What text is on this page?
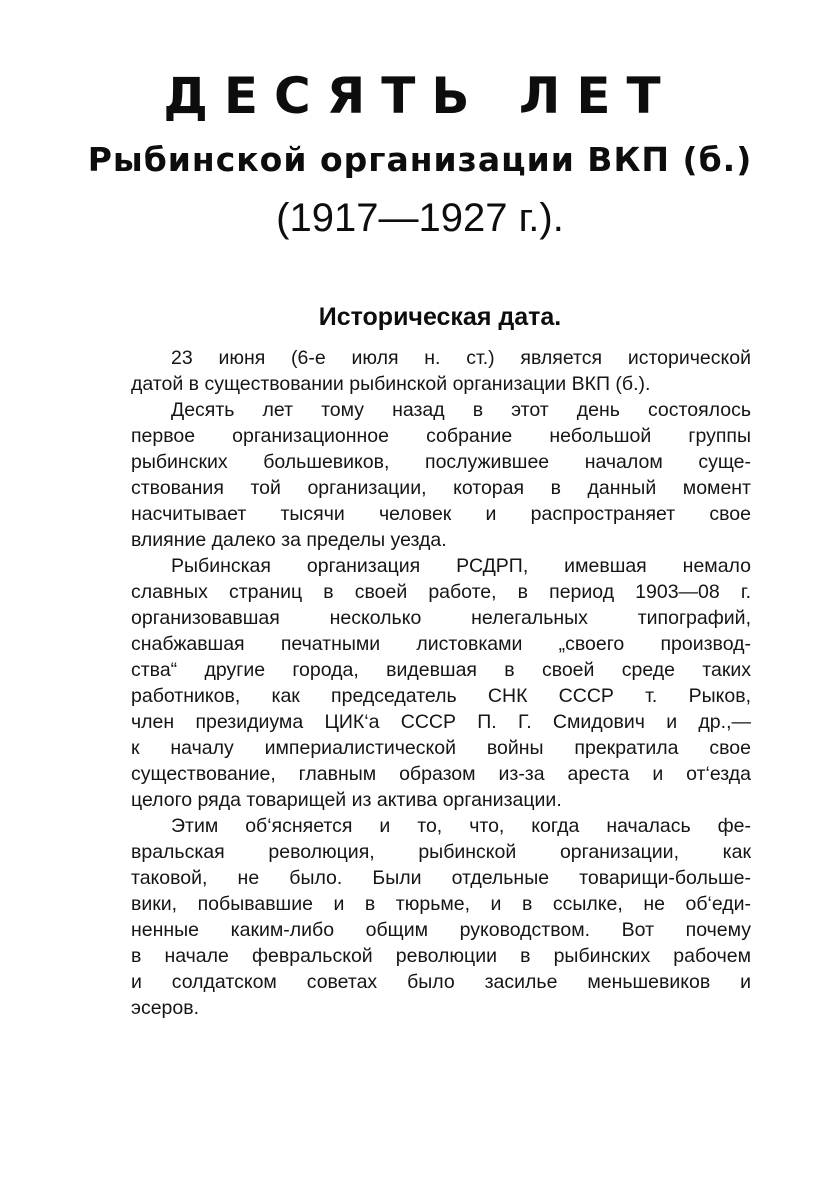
ДЕСЯТЬ ЛЕТ
Рыбинской организации ВКП (б.)
(1917—1927 г.).
Историческая дата.
23 июня (6-е июля н. ст.) является исторической
датой в существовании рыбинской организации ВКП (б.).
Десять лет тому назад в этот день состоялось
первое организационное собрание небольшой группы
рыбинских большевиков, послужившее началом суще-
ствования той организации, которая в данный момент
насчитывает тысячи человек и распространяет свое
влияние далеко за пределы уезда.
Рыбинская организация РСДРП, имевшая немало
славных страниц в своей работе, в период 1903—08 г.
организовавшая несколько нелегальных типографий,
снабжавшая печатными листовками „своего производ-
ства“ другие города, видевшая в своей среде таких
работников, как председатель СНК СССР т. Рыков,
член президиума ЦИК‘а СССР П. Г. Смидович и др.,—
к началу империалистической войны прекратила свое
существование, главным образом из-за ареста и от‘езда
целого ряда товарищей из актива организации.
Этим об‘ясняется и то, что, когда началась фе-
вральская революция, рыбинской организации, как
таковой, не было. Были отдельные товарищи-больше-
вики, побывавшие и в тюрьме, и в ссылке, не об‘еди-
ненные каким-либо общим руководством. Вот почему
в начале февральской революции в рыбинских рабочем
и солдатском советах было засилье меньшевиков и
эсеров.
